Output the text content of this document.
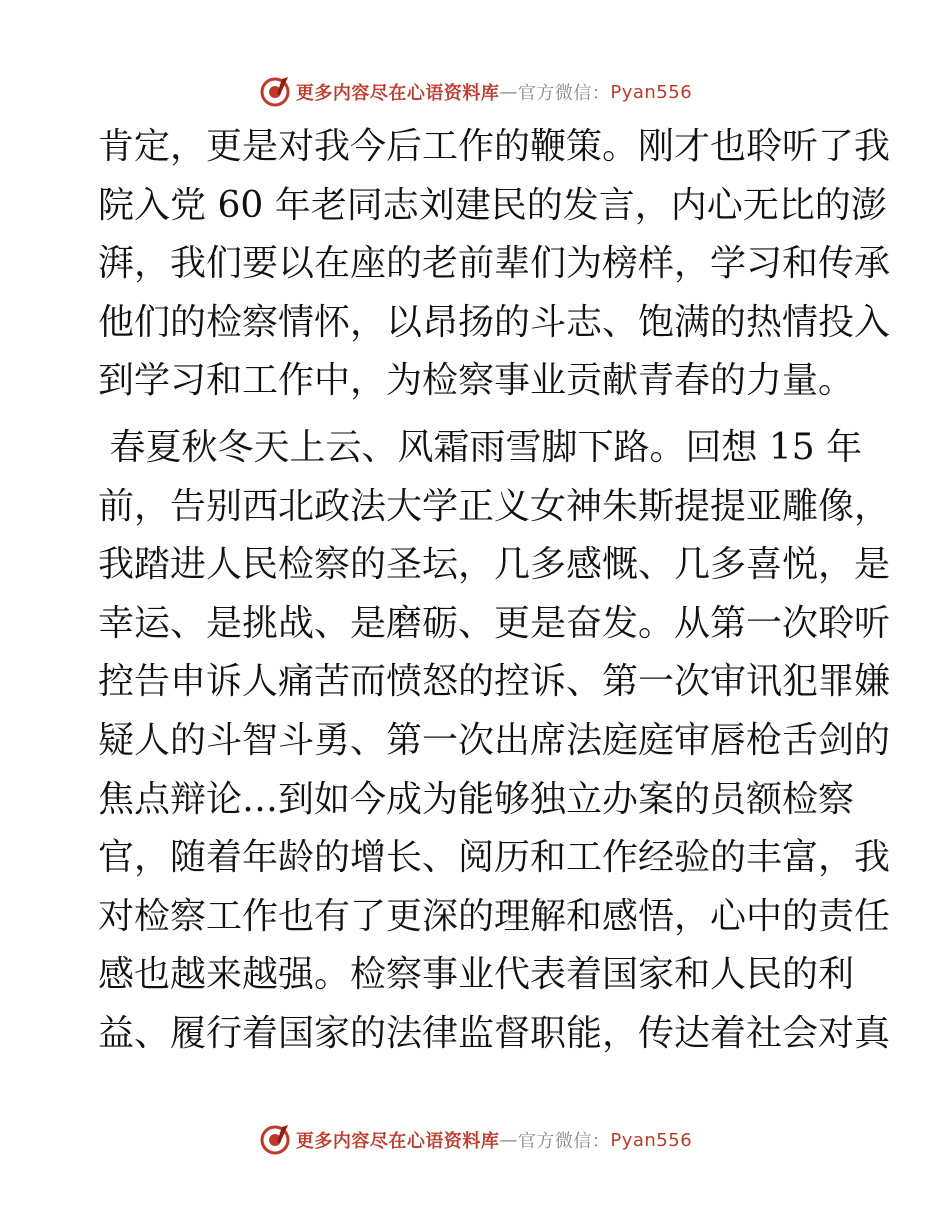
更多内容尽在心语资料库 — 官方微信： Pyan556
肯定，更是对我今后工作的鞭策。刚才也聆听了我
院入党 60 年老同志刘建民的发言，内心无比的澎
湃，我们要以在座的老前辈们为榜样，学习和传承
他们的检察情怀，以昂扬的斗志、饱满的热情投入
到学习和工作中，为检察事业贡献青春的力量。
春夏秋冬天上云、风霜雨雪脚下路。回想 15 年
前，告别西北政法大学正义女神朱斯提提亚雕像，
我踏进人民检察的圣坛，几多感慨、几多喜悦，是
幸运、是挑战、是磨砺、更是奋发。从第一次聆听
控告申诉人痛苦而愤怒的控诉、第一次审讯犯罪嫌
疑人的斗智斗勇、第一次出席法庭庭审唇枪舌剑的
焦点辩论…到如今成为能够独立办案的员额检察
官，随着年龄的增长、阅历和工作经验的丰富，我
对检察工作也有了更深的理解和感悟，心中的责任
感也越来越强。检察事业代表着国家和人民的利
益、履行着国家的法律监督职能，传达着社会对真
更多内容尽在心语资料库 — 官方微信： Pyan556
